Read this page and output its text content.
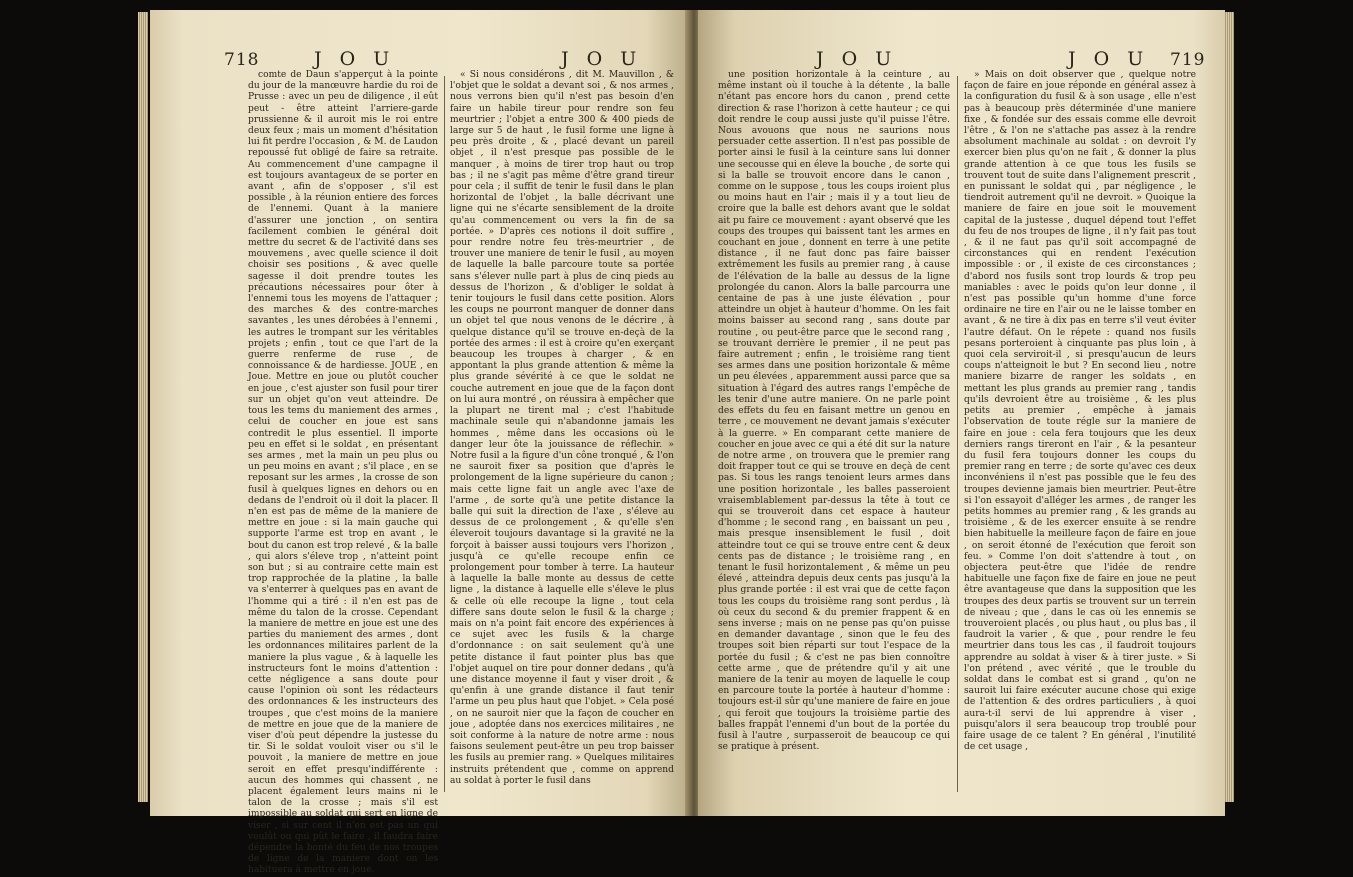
718	J O U	J O U

comte de Daun s'apperçut à la pointe du jour de la manœuvre hardie du roi de Prusse : avec un peu de diligence , il eût peut - être atteint l'arriere-garde prussienne & il auroit mis le roi entre deux feux ; mais un moment d'hésitation lui fit perdre l'occasion , & M. de Laudon repoussé fut obligé de faire sa retraite. Au commencement d'une campagne il est toujours avantageux de se porter en avant , afin de s'opposer , s'il est possible , à la réunion entiere des forces de l'ennemi. Quant à la maniere d'assurer une jonction , on sentira facilement combien le général doit mettre du secret & de l'activité dans ses mouvemens , avec quelle science il doit choisir ses positions , & avec quelle sagesse il doit prendre toutes les précautions nécessaires pour ôter à l'ennemi tous les moyens de l'attaquer ; des marches & des contre-marches savantes , les unes dérobées à l'ennemi , les autres le trompant sur les véritables projets ; enfin , tout ce que l'art de la guerre renferme de ruse , de connoissance & de hardiesse. JOUE , en Joue. Mettre en joue ou plutôt coucher en joue , c'est ajuster son fusil pour tirer sur un objet qu'on veut atteindre. De tous les tems du maniement des armes , celui de coucher en joue est sans contredit le plus essentiel. Il importe peu en effet si le soldat , en présentant ses armes , met la main un peu plus ou un peu moins en avant ; s'il place , en se reposant sur les armes , la crosse de son fusil à quelques lignes en dehors ou en dedans de l'endroit où il doit la placer. Il n'en est pas de même de la maniere de mettre en joue : si la main gauche qui supporte l'arme est trop en avant , le bout du canon est trop relevé , & la balle , qui alors s'éleve trop , n'atteint point son but ; si au contraire cette main est trop rapprochée de la platine , la balle va s'enterrer à quelques pas en avant de l'homme qui a tiré : il n'en est pas de même du talon de la crosse. Cependant la maniere de mettre en joue est une des parties du maniement des armes , dont les ordonnances militaires parlent de la maniere la plus vague , & à laquelle les instructeurs font le moins d'attention : cette négligence a sans doute pour cause l'opinion où sont les rédacteurs des ordonnances & les instructeurs des troupes , que c'est moins de la maniere de mettre en joue que de la maniere de viser d'où peut dépendre la justesse du tir. Si le soldat vouloit viser ou s'il le pouvoit , la maniere de mettre en joue seroit en effet presqu'indifférente : aucun des hommes qui chassent , ne placent également leurs mains ni le talon de la crosse ; mais s'il est impossible au soldat qui sert en ligne de viser , si sur cent il n'en est pas un qui voulût ou qui pût le faire , il faudra faire dépendre la bonté du feu de nos troupes de ligne de la maniere dont on les habituera à mettre en joue.

« Si nous considérons , dit M. Mauvillon , & l'objet que le soldat a devant soi , & nos armes , nous verrons bien qu'il n'est pas besoin d'en faire un habile tireur pour rendre son feu meurtrier ; l'objet a entre 300 & 400 pieds de large sur 5 de haut , le fusil forme une ligne à peu près droite , & , placé devant un pareil objet , il n'est presque pas possible de le manquer , à moins de tirer trop haut ou trop bas ; il ne s'agit pas même d'être grand tireur pour cela ; il suffit de tenir le fusil dans le plan horizontal de l'objet , la balle décrivant une ligne qui ne s'écarte sensiblement de la droite qu'au commencement ou vers la fin de sa portée. » D'après ces notions il doit suffire , pour rendre notre feu très-meurtrier , de trouver une maniere de tenir le fusil , au moyen de laquelle la balle parcoure toute sa portée sans s'élever nulle part à plus de cinq pieds au dessus de l'horizon , & d'obliger le soldat à tenir toujours le fusil dans cette position. Alors les coups ne pourront manquer de donner dans un objet tel que nous venons de le décrire , à quelque distance qu'il se trouve en-deçà de la portée des armes : il est à croire qu'en exerçant beaucoup les troupes à charger , & en appontant la plus grande attention & même la plus grande sévérité à ce que le soldat ne couche autrement en joue que de la façon dont on lui aura montré , on réussira à empêcher que la plupart ne tirent mal ; c'est l'habitude machinale seule qui n'abandonne jamais les hommes , même dans les occasions où le danger leur ôte la jouissance de réflechir. » Notre fusil a la figure d'un cône tronqué , & l'on ne sauroit fixer sa position que d'après le prolongement de la ligne supérieure du canon ; mais cette ligne fait un angle avec l'axe de l'arme , de sorte qu'à une petite distance la balle qui suit la direction de l'axe , s'éleve au dessus de ce prolongement , & qu'elle s'en éleveroit toujours davantage si la gravité ne la forçoit à baisser aussi toujours vers l'horizon , jusqu'à ce qu'elle recoupe enfin ce prolongement pour tomber à terre. La hauteur à laquelle la balle monte au dessus de cette ligne , la distance à laquelle elle s'éleve le plus & celle où elle recoupe la ligne , tout cela differe sans doute selon le fusil & la charge ; mais on n'a point fait encore des expériences à ce sujet avec les fusils & la charge d'ordonnance : on sait seulement qu'à une petite distance il faut pointer plus bas que l'objet auquel on tire pour donner dedans , qu'à une distance moyenne il faut y viser droit , & qu'enfin à une grande distance il faut tenir l'arme un peu plus haut que l'objet. » Cela posé , on ne sauroit nier que la façon de coucher en joue , adoptée dans nos exercices militaires , ne soit conforme à la nature de notre arme : nous faisons seulement peut-être un peu trop baisser les fusils au premier rang. » Quelques militaires instruits prétendent que , comme on apprend au soldat à porter le fusil dans

J O U	J O U 719

une position horizontale à la ceinture , au même instant où il touche à la détente , la balle n'étant pas encore hors du canon , prend cette direction & rase l'horizon à cette hauteur ; ce qui doit rendre le coup aussi juste qu'il puisse l'être. Nous avouons que nous ne saurions nous persuader cette assertion. Il n'est pas possible de porter ainsi le fusil à la ceinture sans lui donner une secousse qui en éleve la bouche , de sorte qui si la balle se trouvoit encore dans le canon , comme on le suppose , tous les coups iroient plus ou moins haut en l'air ; mais il y a tout lieu de croire que la balle est dehors avant que le soldat ait pu faire ce mouvement : ayant observé que les coups des troupes qui baissent tant les armes en couchant en joue , donnent en terre à une petite distance , il ne faut donc pas faire baisser extrêmement les fusils au premier rang , à cause de l'élévation de la balle au dessus de la ligne prolongée du canon. Alors la balle parcourra une centaine de pas à une juste élévation , pour atteindre un objet à hauteur d'homme. On les fait moins baisser au second rang , sans doute par routine , ou peut-être parce que le second rang , se trouvant derrière le premier , il ne peut pas faire autrement ; enfin , le troisième rang tient ses armes dans une position horizontale & même un peu élevées , apparemment aussi parce que sa situation à l'égard des autres rangs l'empêche de les tenir d'une autre maniere. On ne parle point des effets du feu en faisant mettre un genou en terre , ce mouvement ne devant jamais s'exécuter à la guerre. » En comparant cette maniere de coucher en joue avec ce qui a été dit sur la nature de notre arme , on trouvera que le premier rang doit frapper tout ce qui se trouve en deçà de cent pas. Si tous les rangs tenoient leurs armes dans une position horizontale , les balles passeroient vraisemblablement par-dessus la tête à tout ce qui se trouveroit dans cet espace à hauteur d'homme ; le second rang , en baissant un peu , mais presque insensiblement le fusil , doit atteindre tout ce qui se trouve entre cent & deux cents pas de distance ; le troisième rang , en tenant le fusil horizontalement , & même un peu élevé , atteindra depuis deux cents pas jusqu'à la plus grande portée : il est vrai que de cette façon tous les coups du troisième rang sont perdus , là où ceux du second & du premier frappent & en sens inverse ; mais on ne pense pas qu'on puisse en demander davantage , sinon que le feu des troupes soit bien réparti sur tout l'espace de la portée du fusil ; & c'est ne pas bien connoître cette arme , que de prétendre qu'il y ait une maniere de la tenir au moyen de laquelle le coup en parcoure toute la portée à hauteur d'homme : toujours est-il sûr qu'une maniere de faire en joue , qui feroit que toujours la troisième partie des balles frappât l'ennemi d'un bout de la portée du fusil à l'autre , surpasseroit de beaucoup ce qui se pratique à présent.

» Mais on doit observer que , quelque notre façon de faire en joue réponde en général assez à la configuration du fusil & à son usage , elle n'est pas à beaucoup près déterminée d'une maniere fixe , & fondée sur des essais comme elle devroit l'être , & l'on ne s'attache pas assez à la rendre absolument machinale au soldat : on devroit l'y exercer bien plus qu'on ne fait , & donner la plus grande attention à ce que tous les fusils se trouvent tout de suite dans l'alignement prescrit , en punissant le soldat qui , par négligence , le tiendroit autrement qu'il ne devroit. » Quoique la maniere de faire en joue soit le mouvement capital de la justesse , duquel dépend tout l'effet du feu de nos troupes de ligne , il n'y fait pas tout , & il ne faut pas qu'il soit accompagné de circonstances qui en rendent l'exécution impossible : or , il existe de ces circonstances ; d'abord nos fusils sont trop lourds & trop peu maniables : avec le poids qu'on leur donne , il n'est pas possible qu'un homme d'une force ordinaire ne tire en l'air ou ne le laisse tomber en avant , & ne tire à dix pas en terre s'il veut éviter l'autre défaut. On le répete : quand nos fusils pesans porteroient à cinquante pas plus loin , à quoi cela serviroit-il , si presqu'aucun de leurs coups n'atteignoit le but ? En second lieu , notre maniere bizarre de ranger les soldats , en mettant les plus grands au premier rang , tandis qu'ils devroient être au troisième , & les plus petits au premier , empêche à jamais l'observation de toute régle sur la maniere de faire en joue : cela fera toujours que les deux derniers rangs tireront en l'air , & la pesanteur du fusil fera toujours donner les coups du premier rang en terre ; de sorte qu'avec ces deux inconvéniens il n'est pas possible que le feu des troupes devienne jamais bien meurtrier. Peut-être si l'on essayoit d'alléger les armes , de ranger les petits hommes au premier rang , & les grands au troisième , & de les exercer ensuite à se rendre bien habituelle la meilleure façon de faire en joue , on seroit étonné de l'exécution que feroit son feu. » Comme l'on doit s'attendre à tout , on objectera peut-être que l'idée de rendre habituelle une façon fixe de faire en joue ne peut être avantageuse que dans la supposition que les troupes des deux partis se trouvent sur un terrein de niveau ; que , dans le cas où les ennemis se trouveroient placés , ou plus haut , ou plus bas , il faudroit la varier , & que , pour rendre le feu meurtrier dans tous les cas , il faudroit toujours apprendre au soldat à viser & à tirer juste. » Si l'on prétend , avec vérité , que le trouble du soldat dans le combat est si grand , qu'on ne sauroit lui faire exécuter aucune chose qui exige de l'attention & des ordres particuliers , à quoi aura-t-il servi de lui apprendre à viser , puisqu'alors il sera beaucoup trop troublé pour faire usage de ce talent ? En général , l'inutilité de cet usage ,
